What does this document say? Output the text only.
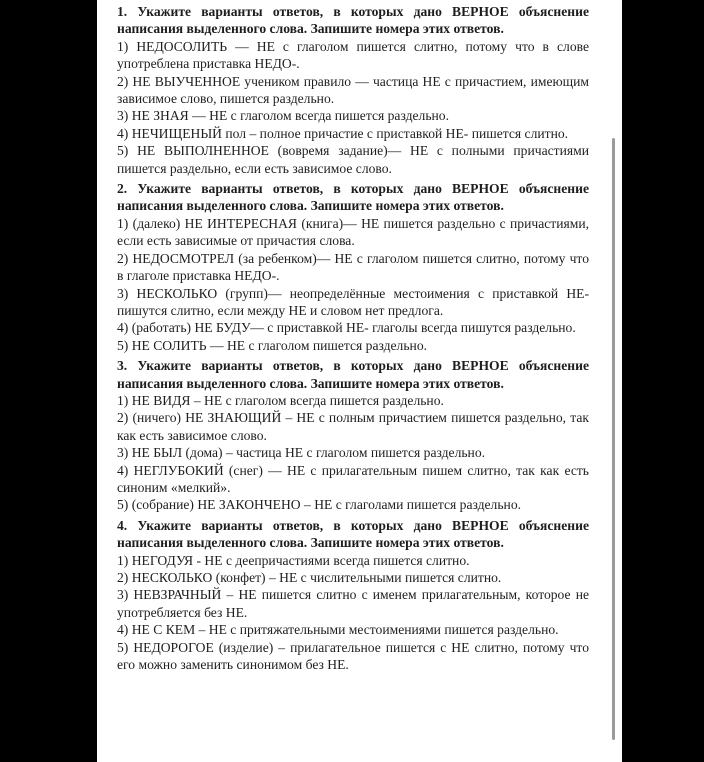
1. Укажите варианты ответов, в которых дано ВЕРНОЕ объяснение написания выделенного слова. Запишите номера этих ответов.

1) НЕДОСОЛИТЬ — НЕ с глаголом пишется слитно, потому что в слове употреблена приставка НЕДО-.

2) НЕ ВЫУЧЕННОЕ учеником правило — частица НЕ с причастием, имеющим зависимое слово, пишется раздельно.

3) НЕ ЗНАЯ — НЕ с глаголом всегда пишется раздельно.

4) НЕЧИЩЕНЫЙ пол – полное причастие с приставкой НЕ- пишется слитно.

5) НЕ ВЫПОЛНЕННОЕ (вовремя задание)— НЕ с полными причастиями пишется раздельно, если есть зависимое слово.

2. Укажите варианты ответов, в которых дано ВЕРНОЕ объяснение написания выделенного слова. Запишите номера этих ответов.

1) (далеко) НЕ ИНТЕРЕСНАЯ (книга)— НЕ пишется раздельно с причастиями, если есть зависимые от причастия слова.

2) НЕДОСМОТРЕЛ (за ребенком)— НЕ с глаголом пишется слитно, потому что в глаголе приставка НЕДО-.

3) НЕСКОЛЬКО (групп)— неопределённые местоимения с приставкой НЕ- пишутся слитно, если между НЕ и словом нет предлога.

4) (работать) НЕ БУДУ— с приставкой НЕ- глаголы всегда пишутся раздельно.

5) НЕ СОЛИТЬ — НЕ с глаголом пишется раздельно.

3. Укажите варианты ответов, в которых дано ВЕРНОЕ объяснение написания выделенного слова. Запишите номера этих ответов.

1) НЕ ВИДЯ – НЕ с глаголом всегда пишется раздельно.

2) (ничего) НЕ ЗНАЮЩИЙ – НЕ с полным причастием пишется раздельно, так как есть зависимое слово.

3) НЕ БЫЛ (дома) – частица НЕ с глаголом пишется раздельно.

4) НЕГЛУБОКИЙ (снег) — НЕ с прилагательным пишем слитно, так как есть синоним «мелкий».

5) (собрание) НЕ ЗАКОНЧЕНО – НЕ с глаголами пишется раздельно.

4. Укажите варианты ответов, в которых дано ВЕРНОЕ объяснение написания выделенного слова. Запишите номера этих ответов.

1) НЕГОДУЯ - НЕ с деепричастиями всегда пишется слитно.

2) НЕСКОЛЬКО (конфет) – НЕ с числительными пишется слитно.

3) НЕВЗРАЧНЫЙ – НЕ пишется слитно с именем прилагательным, которое не употребляется без НЕ.

4) НЕ С КЕМ – НЕ с притяжательными местоимениями пишется раздельно.

5) НЕДОРОГОЕ (изделие) – прилагательное пишется с НЕ слитно, потому что его можно заменить синонимом без НЕ.
